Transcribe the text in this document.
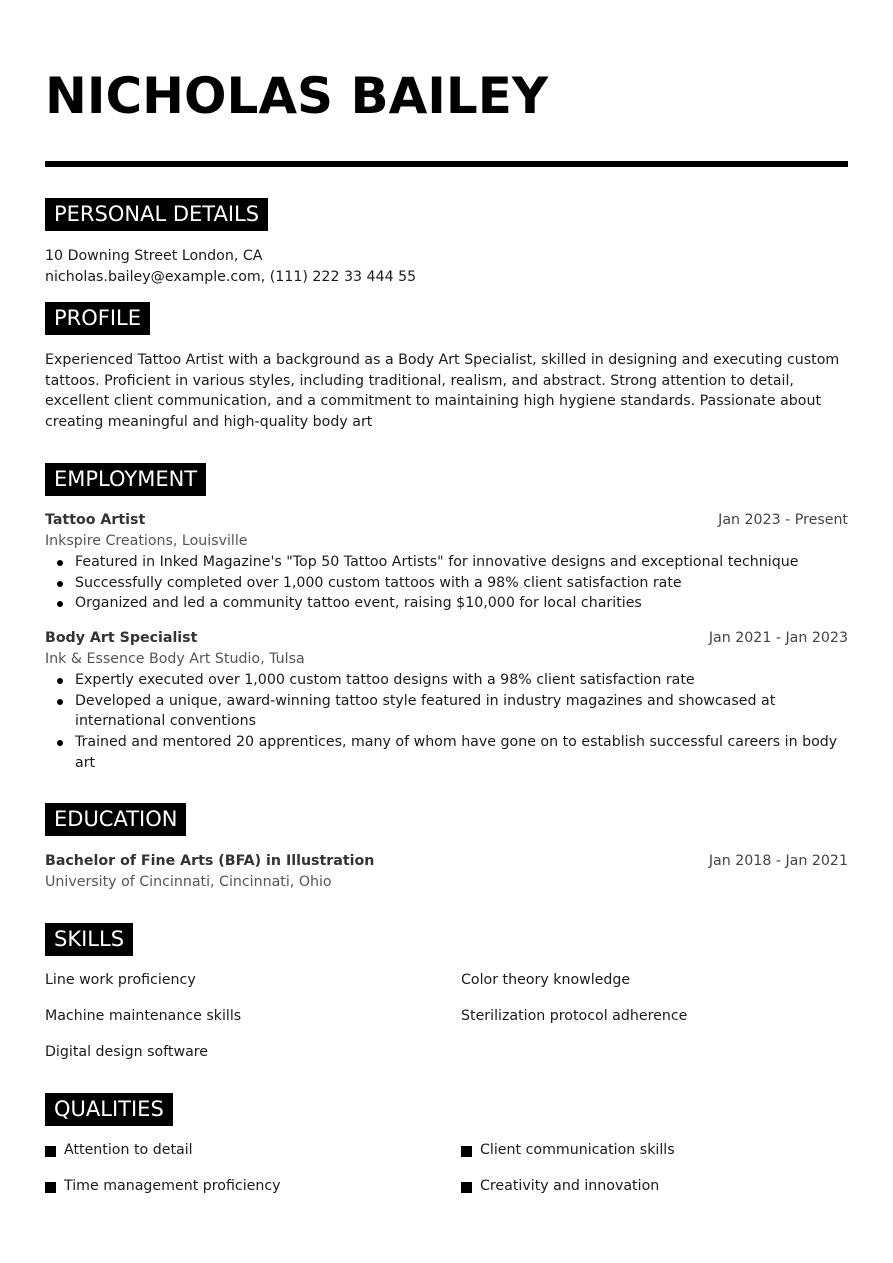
NICHOLAS BAILEY
PERSONAL DETAILS
10 Downing Street London, CA
nicholas.bailey@example.com, (111) 222 33 444 55
PROFILE
Experienced Tattoo Artist with a background as a Body Art Specialist, skilled in designing and executing custom tattoos. Proficient in various styles, including traditional, realism, and abstract. Strong attention to detail, excellent client communication, and a commitment to maintaining high hygiene standards. Passionate about creating meaningful and high-quality body art
EMPLOYMENT
Tattoo Artist	Jan 2023 - Present
Inkspire Creations, Louisville
Featured in Inked Magazine's "Top 50 Tattoo Artists" for innovative designs and exceptional technique
Successfully completed over 1,000 custom tattoos with a 98% client satisfaction rate
Organized and led a community tattoo event, raising $10,000 for local charities
Body Art Specialist	Jan 2021 - Jan 2023
Ink & Essence Body Art Studio, Tulsa
Expertly executed over 1,000 custom tattoo designs with a 98% client satisfaction rate
Developed a unique, award-winning tattoo style featured in industry magazines and showcased at international conventions
Trained and mentored 20 apprentices, many of whom have gone on to establish successful careers in body art
EDUCATION
Bachelor of Fine Arts (BFA) in Illustration	Jan 2018 - Jan 2021
University of Cincinnati, Cincinnati, Ohio
SKILLS
Line work proficiency	Color theory knowledge
Machine maintenance skills	Sterilization protocol adherence
Digital design software
QUALITIES
Attention to detail	Client communication skills
Time management proficiency	Creativity and innovation
